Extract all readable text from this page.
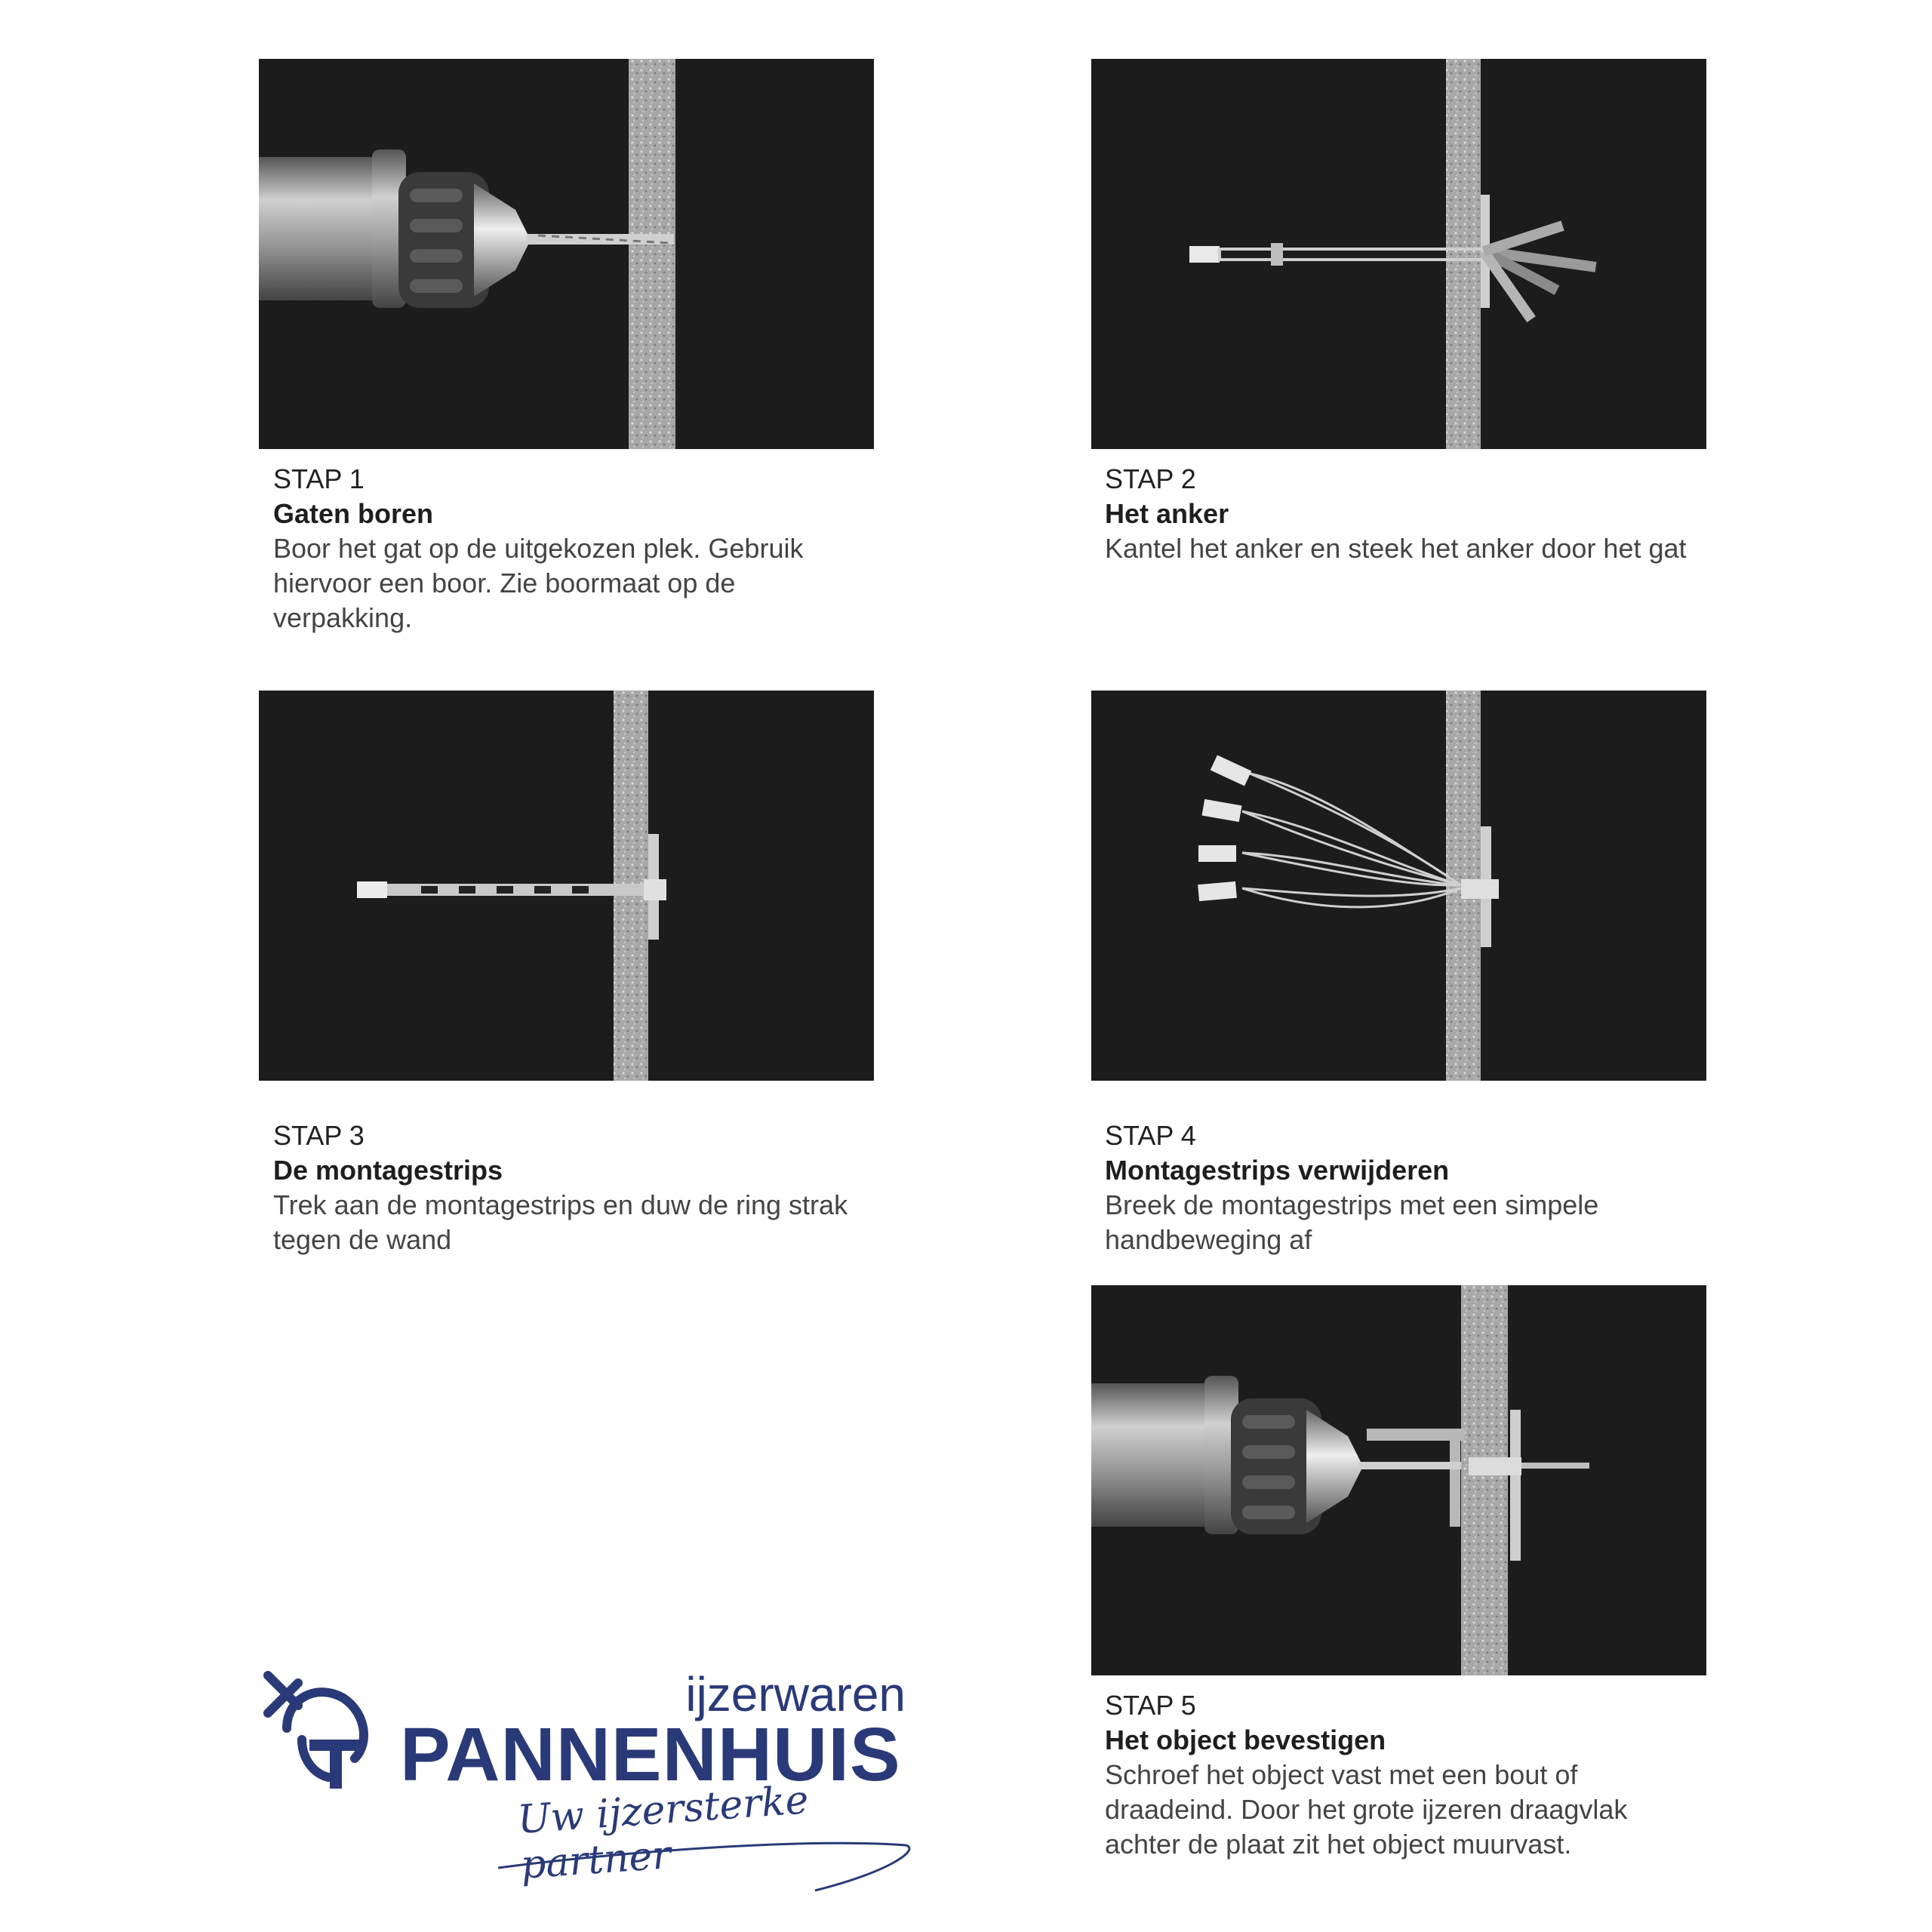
STAP 1
Gaten boren
Boor het gat op de uitgekozen plek. Gebruik hiervoor een boor. Zie boormaat op de verpakking.
STAP 2
Het anker
Kantel het anker en steek het anker door het gat
STAP 3
De montagestrips
Trek aan de montagestrips en duw de ring strak tegen de wand
STAP 4
Montagestrips verwijderen
Breek de montagestrips met een simpele handbeweging af
STAP 5
Het object bevestigen
Schroef het object vast met een bout of draadeind. Door het grote ijzeren draagvlak achter de plaat zit het object muurvast.
ijzerwaren
PANNENHUIS
Uw ijzersterke partner
